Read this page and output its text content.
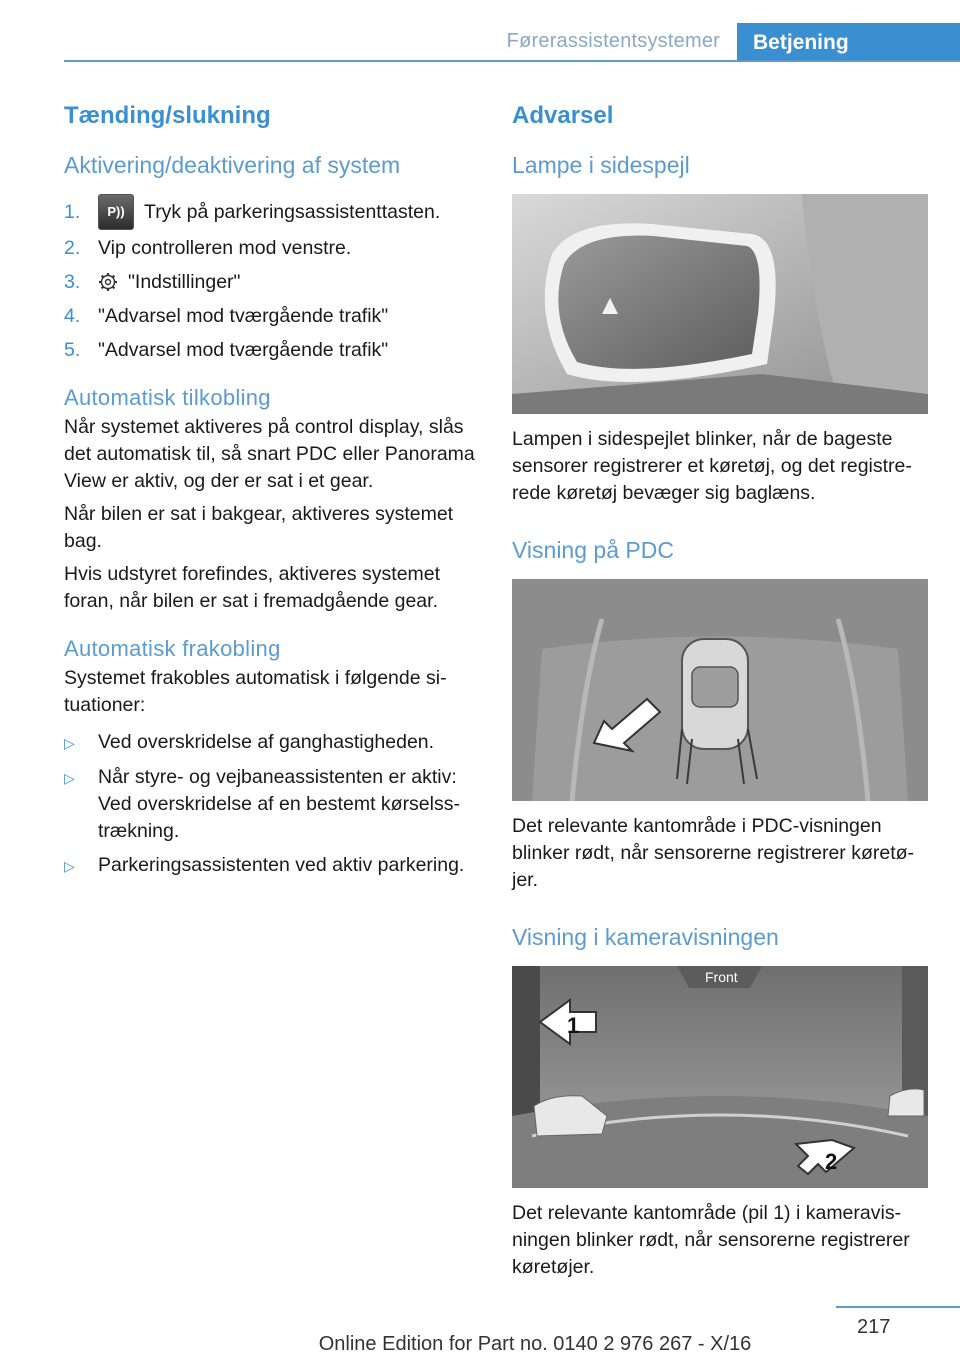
Førerassistentsystemer	Betjening
Tænding/slukning
Aktivering/deaktivering af system
1.	P)) Tryk på parkeringsassistenttasten.
2. Vip controlleren mod venstre.
3.	"Indstillinger"
4. "Advarsel mod tværgående trafik"
5. "Advarsel mod tværgående trafik"
Automatisk tilkobling

Når systemet aktiveres på control display, slås det automatisk til, så snart PDC eller Panorama View er aktiv, og der er sat i et gear.

Når bilen er sat i bakgear, aktiveres systemet bag.

Hvis udstyret forefindes, aktiveres systemet foran, når bilen er sat i fremadgående gear.

Automatisk frakobling

Systemet frakobles automatisk i følgende si- tuationer:

▷	Ved overskridelse af ganghastigheden.
▷	Når styre- og vejbaneassistenten er aktiv: Ved overskridelse af en bestemt kørselss- trækning.
▷	Parkeringsassistenten ved aktiv parkering.
Advarsel
Lampe i sidespejl

Lampen i sidespejlet blinker, når de bageste sensorer registrerer et køretøj, og det registre- rede køretøj bevæger sig baglæns.

Visning på PDC

Det relevante kantområde i PDC-visningen blinker rødt, når sensorerne registrerer køretø- jer.

Visning i kameravisningen
Front
1
2

Det relevante kantområde (pil 1) i kameravis- ningen blinker rødt, når sensorerne registrerer køretøjer.

217
Online Edition for Part no. 0140 2 976 267 - X/16
